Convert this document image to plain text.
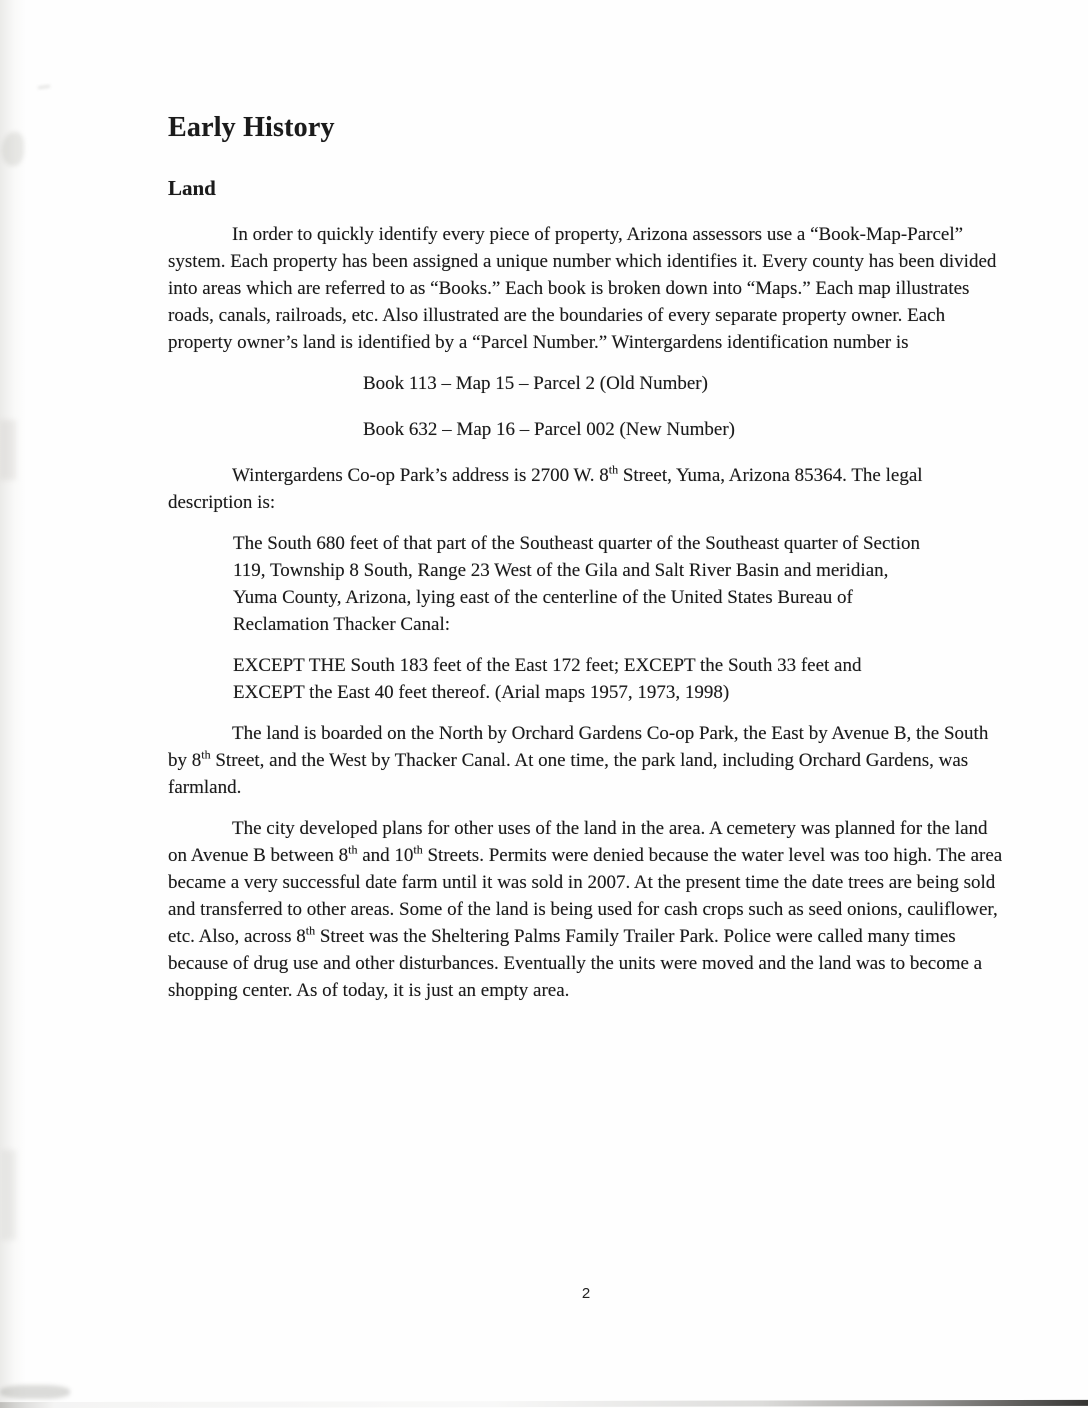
Early History
Land

In order to quickly identify every piece of property, Arizona assessors use a “Book-Map-Parcel” system. Each property has been assigned a unique number which identifies it. Every county has been divided into areas which are referred to as “Books.” Each book is broken down into “Maps.” Each map illustrates roads, canals, railroads, etc. Also illustrated are the boundaries of every separate property owner. Each property owner’s land is identified by a “Parcel Number.” Wintergardens identification number is

Book 113 – Map 15 – Parcel 2 (Old Number)

Book 632 – Map 16 – Parcel 002 (New Number)

Wintergardens Co-op Park’s address is 2700 W. 8th Street, Yuma, Arizona 85364. The legal description is:

The South 680 feet of that part of the Southeast quarter of the Southeast quarter of Section 119, Township 8 South, Range 23 West of the Gila and Salt River Basin and meridian, Yuma County, Arizona, lying east of the centerline of the United States Bureau of Reclamation Thacker Canal:

EXCEPT THE South 183 feet of the East 172 feet; EXCEPT the South 33 feet and EXCEPT the East 40 feet thereof. (Arial maps 1957, 1973, 1998)

The land is boarded on the North by Orchard Gardens Co-op Park, the East by Avenue B, the South by 8th Street, and the West by Thacker Canal. At one time, the park land, including Orchard Gardens, was farmland.

The city developed plans for other uses of the land in the area. A cemetery was planned for the land on Avenue B between 8th and 10th Streets. Permits were denied because the water level was too high. The area became a very successful date farm until it was sold in 2007. At the present time the date trees are being sold and transferred to other areas. Some of the land is being used for cash crops such as seed onions, cauliflower, etc. Also, across 8th Street was the Sheltering Palms Family Trailer Park. Police were called many times because of drug use and other disturbances. Eventually the units were moved and the land was to become a shopping center. As of today, it is just an empty area.

2
